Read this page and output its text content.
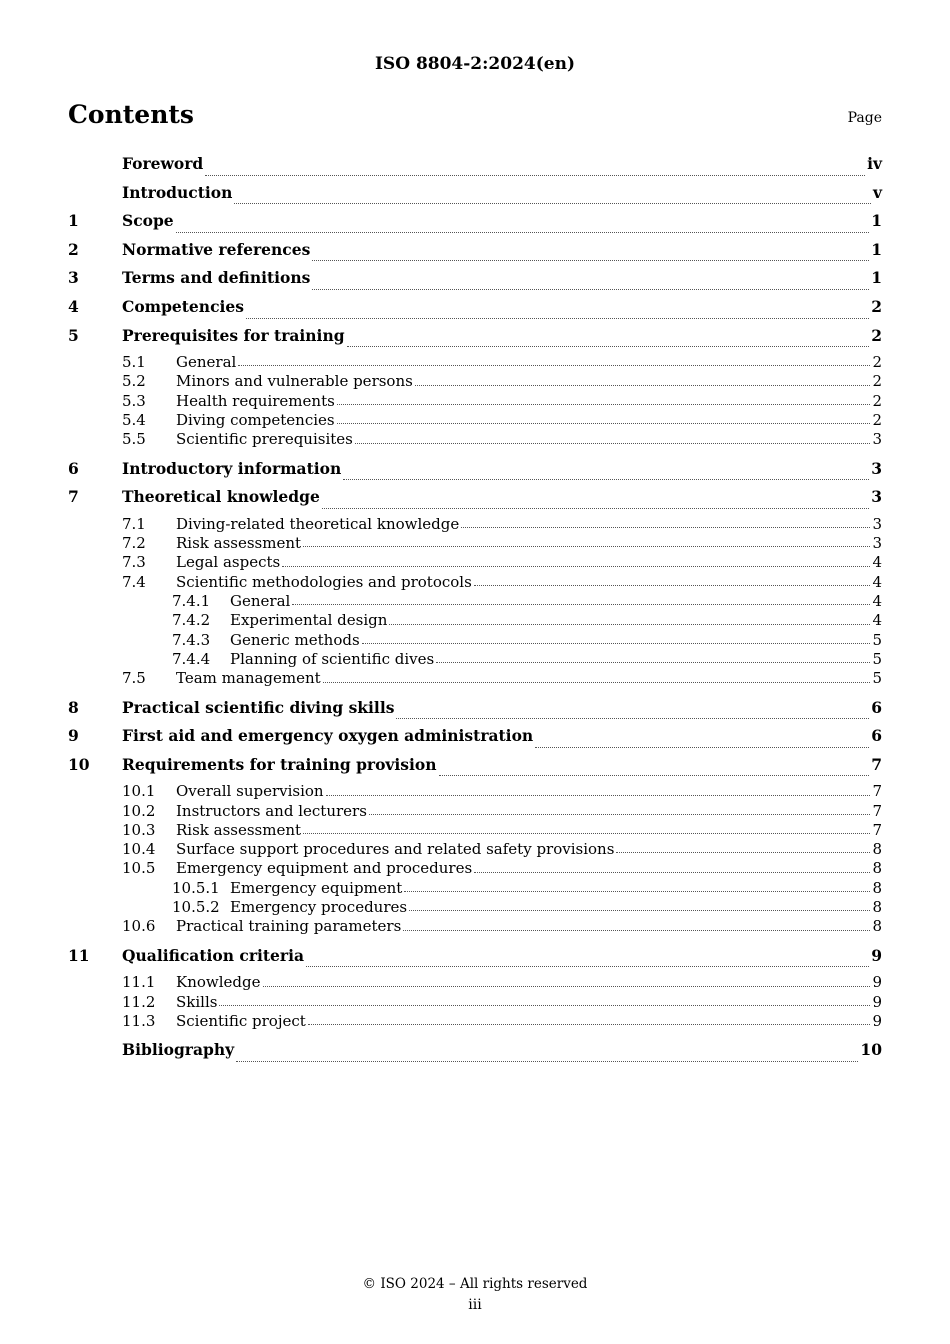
ISO 8804-2:2024(en)
Contents	Page
Foreword	iv
Introduction	v
1	Scope	1
2	Normative references	1
3	Terms and definitions	1
4	Competencies	2
5	Prerequisites for training	2
5.1	General	2
5.2	Minors and vulnerable persons	2
5.3	Health requirements	2
5.4	Diving competencies	2
5.5	Scientific prerequisites	3
6	Introductory information	3
7	Theoretical knowledge	3
7.1	Diving-related theoretical knowledge	3
7.2	Risk assessment	3
7.3	Legal aspects	4
7.4	Scientific methodologies and protocols	4
7.4.1	General	4
7.4.2	Experimental design	4
7.4.3	Generic methods	5
7.4.4	Planning of scientific dives	5
7.5	Team management	5
8	Practical scientific diving skills	6
9	First aid and emergency oxygen administration	6
10	Requirements for training provision	7
10.1	Overall supervision	7
10.2	Instructors and lecturers	7
10.3	Risk assessment	7
10.4	Surface support procedures and related safety provisions	8
10.5	Emergency equipment and procedures	8
10.5.1 Emergency equipment	8
10.5.2 Emergency procedures	8
10.6	Practical training parameters	8
11	Qualification criteria	9
11.1	Knowledge	9
11.2	Skills	9
11.3	Scientific project	9
Bibliography	10
© ISO 2024 – All rights reserved
iii
